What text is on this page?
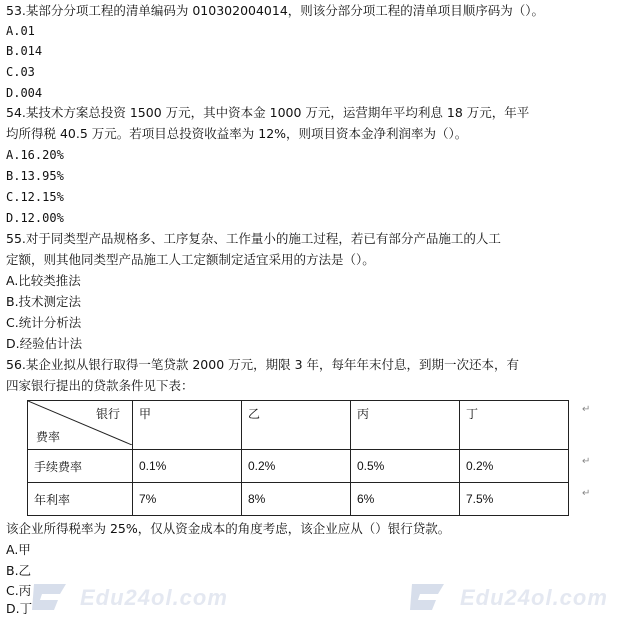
Edu24ol.com	Edu24ol.com
53.某部分分项工程的清单编码为 010302004014，则该分部分项工程的清单项目顺序码为（）。
A.01
B.014
C.03
D.004
54.某技术方案总投资 1500 万元，其中资本金 1000 万元，运营期年平均利息 18 万元，年平
均所得税 40.5 万元。若项目总投资收益率为 12%，则项目资本金净利润率为（）。
A.16.20%
B.13.95%
C.12.15%
D.12.00%
55.对于同类型产品规格多、工序复杂、工作量小的施工过程，若已有部分产品施工的人工
定额，则其他同类型产品施工人工定额制定适宜采用的方法是（）。
A.比较类推法
B.技术测定法
C.统计分析法
D.经验估计法
56.某企业拟从银行取得一笔贷款 2000 万元，期限 3 年，每年年末付息，到期一次还本，有
四家银行提出的贷款条件见下表：
银行
费率	甲	乙	丙	丁
手续费率	0.1%	0.2%	0.5%	0.2%
年利率	7%	8%	6%	7.5%
↵
↵
↵
该企业所得税率为 25%，仅从资金成本的角度考虑，该企业应从（）银行贷款。
A.甲
B.乙
C.丙
D.丁
